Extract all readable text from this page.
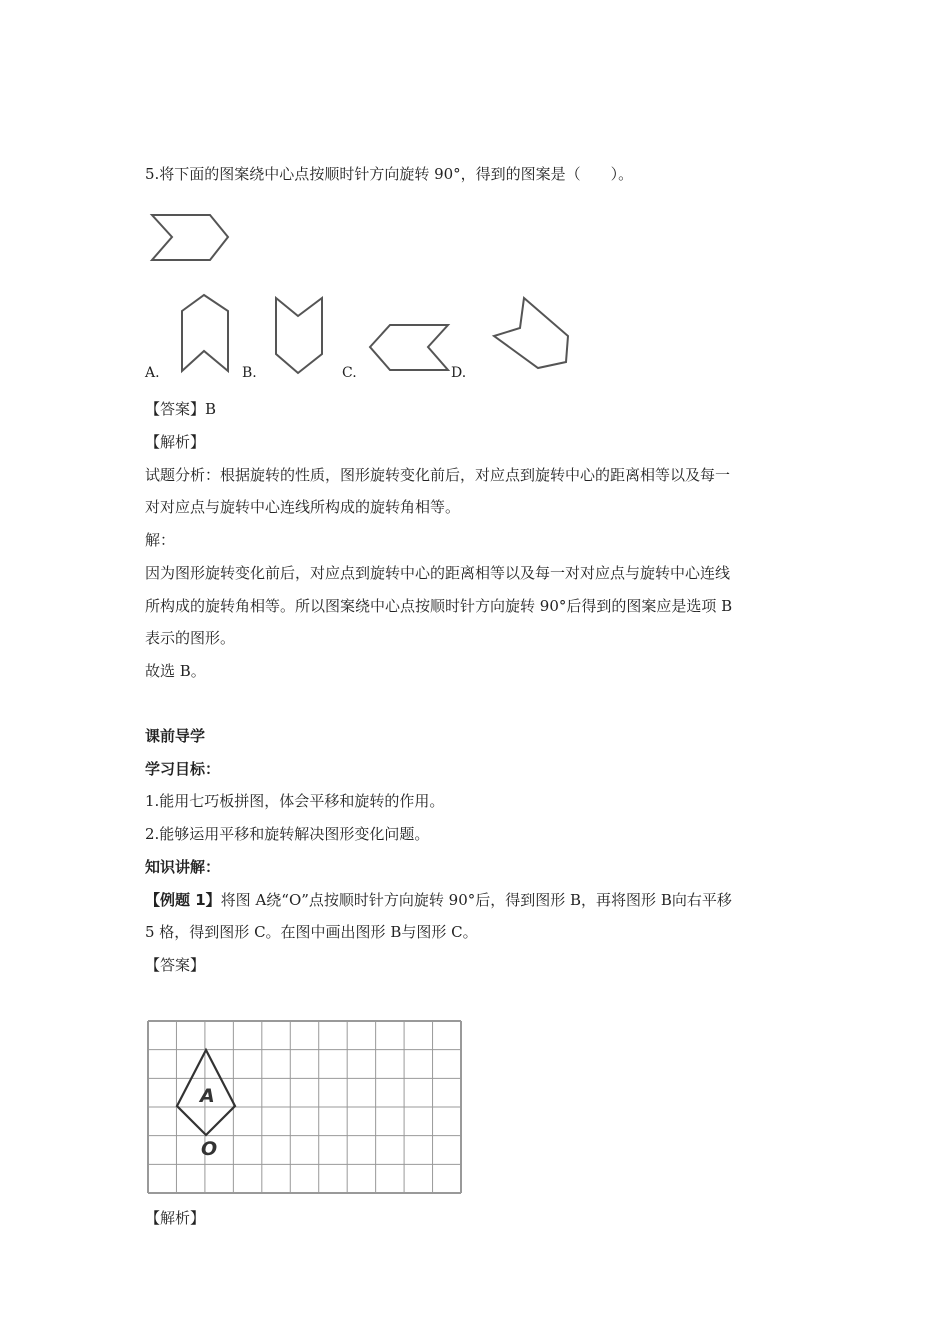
5.将下面的图案绕中心点按顺时针方向旋转 90°，得到的图案是（　　）。
A.	B.	C.	D.
【答案】B
【解析】
试题分析：根据旋转的性质，图形旋转变化前后，对应点到旋转中心的距离相等以及每一
对对应点与旋转中心连线所构成的旋转角相等。
解：
因为图形旋转变化前后，对应点到旋转中心的距离相等以及每一对对应点与旋转中心连线
所构成的旋转角相等。所以图案绕中心点按顺时针方向旋转 90°后得到的图案应是选项 B
表示的图形。
故选 B。
课前导学
学习目标：
1.能用七巧板拼图，体会平移和旋转的作用。
2.能够运用平移和旋转解决图形变化问题。
知识讲解：
【例题 1】将图 A绕“O”点按顺时针方向旋转 90°后，得到图形 B，再将图形 B向右平移
5 格，得到图形 C。在图中画出图形 B与图形 C。
【答案】
A
O
【解析】
